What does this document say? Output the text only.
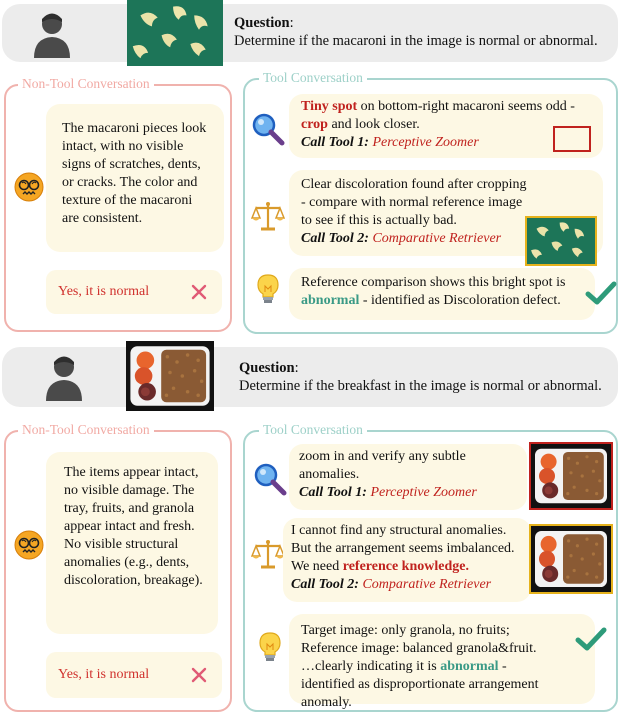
Question:
Determine if the macaroni in the image is normal or abnormal.
Non-Tool Conversation
The macaroni pieces look intact, with no visible signs of scratches, dents, or cracks. The color and texture of the macaroni are consistent.
Yes, it is normal
Tool Conversation
Tiny spot on bottom-right macaroni seems odd - crop and look closer.
Call Tool 1: Perceptive Zoomer
Clear discoloration found after cropping - compare with normal reference image to see if this is actually bad.
Call Tool 2: Comparative Retriever
Reference comparison shows this bright spot is abnormal - identified as Discoloration defect.
Question:
Determine if the breakfast in the image is normal or abnormal.
Non-Tool Conversation
The items appear intact, no visible damage. The tray, fruits, and granola appear intact and fresh. No visible structural anomalies (e.g., dents, discoloration, breakage).
Yes, it is normal
Tool Conversation
zoom in and verify any subtle anomalies.
Call Tool 1: Perceptive Zoomer
I cannot find any structural anomalies. But the arrangement seems imbalanced. We need reference knowledge.
Call Tool 2: Comparative Retriever
Target image: only granola, no fruits;
Reference image: balanced granola&fruit.
…clearly indicating it is abnormal - identified as disproportionate arrangement anomaly.
